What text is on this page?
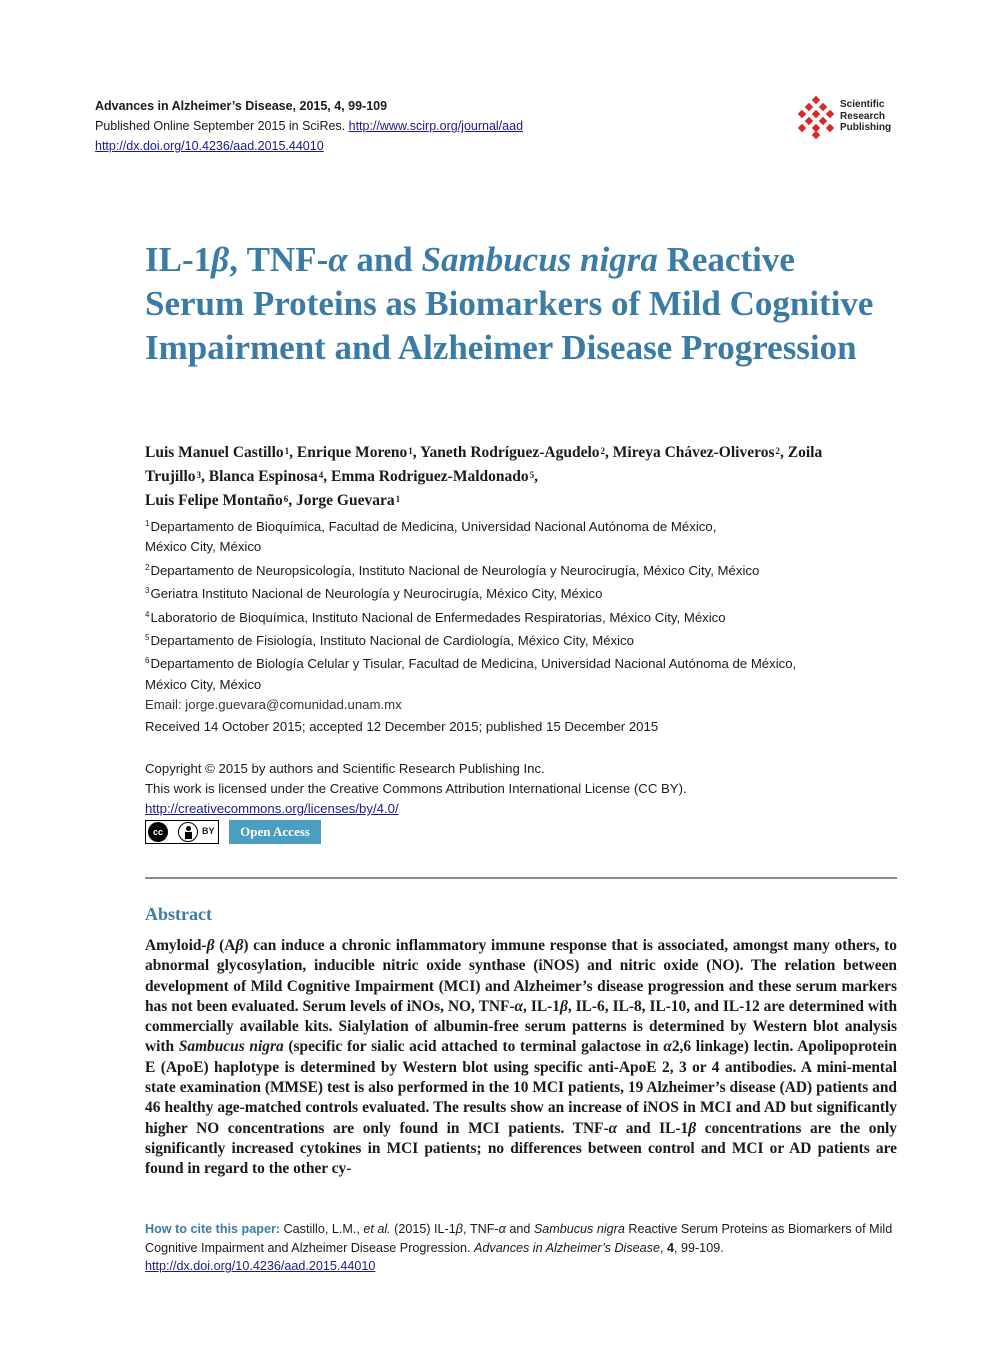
Advances in Alzheimer’s Disease, 2015, 4, 99-109
Published Online September 2015 in SciRes. http://www.scirp.org/journal/aad
http://dx.doi.org/10.4236/aad.2015.44010
Scientific
Research
Publishing
IL-1β, TNF-α and Sambucus nigra Reactive Serum Proteins as Biomarkers of Mild Cognitive Impairment and Alzheimer Disease Progression
Luis Manuel Castillo$^1$, Enrique Moreno$^1$, Yaneth Rodríguez-Agudelo$^2$, Mireya Chávez-Oliveros$^2$, Zoila Trujillo$^3$, Blanca Espinosa$^4$, Emma Rodriguez-Maldonado$^5$,
Luis Felipe Montaño$^6$, Jorge Guevara$^1$
$^1$Departamento de Bioquímica, Facultad de Medicina, Universidad Nacional Autónoma de México,
México City, México
$^2$Departamento de Neuropsicología, Instituto Nacional de Neurología y Neurocirugía, México City, México
$^3$Geriatra Instituto Nacional de Neurología y Neurocirugía, México City, México
$^4$Laboratorio de Bioquímica, Instituto Nacional de Enfermedades Respiratorias, México City, México
$^5$Departamento de Fisiología, Instituto Nacional de Cardiología, México City, México
$^6$Departamento de Biología Celular y Tisular, Facultad de Medicina, Universidad Nacional Autónoma de México,
México City, México
Email: jorge.guevara@comunidad.unam.mx
Received 14 October 2015; accepted 12 December 2015; published 15 December 2015
Copyright © 2015 by authors and Scientific Research Publishing Inc.
This work is licensed under the Creative Commons Attribution International License (CC BY).
http://creativecommons.org/licenses/by/4.0/
cc	BY	Open Access
Abstract
Amyloid-β (Aβ) can induce a chronic inflammatory immune response that is associated, amongst many others, to abnormal glycosylation, inducible nitric oxide synthase (iNOS) and nitric oxide (NO). The relation between development of Mild Cognitive Impairment (MCI) and Alzheimer’s disease progression and these serum markers has not been evaluated. Serum levels of iNOs, NO, TNF-α, IL-1β, IL-6, IL-8, IL-10, and IL-12 are determined with commercially available kits. Sialylation of albumin-free serum patterns is determined by Western blot analysis with Sambucus nigra (specific for sialic acid attached to terminal galactose in α2,6 linkage) lectin. Apolipoprotein E (ApoE) haplotype is determined by Western blot using specific anti-ApoE 2, 3 or 4 antibodies. A mini-mental state examination (MMSE) test is also performed in the 10 MCI patients, 19 Alzheimer’s disease (AD) patients and 46 healthy age-matched controls evaluated. The results show an increase of iNOS in MCI and AD but significantly higher NO concentrations are only found in MCI patients. TNF-α and IL-1β concentrations are the only significantly increased cytokines in MCI patients; no differences between control and MCI or AD patients are found in regard to the other cy-
How to cite this paper: Castillo, L.M., et al. (2015) IL-1β, TNF-α and Sambucus nigra Reactive Serum Proteins as Biomarkers of Mild Cognitive Impairment and Alzheimer Disease Progression. Advances in Alzheimer’s Disease, 4, 99-109.
http://dx.doi.org/10.4236/aad.2015.44010
